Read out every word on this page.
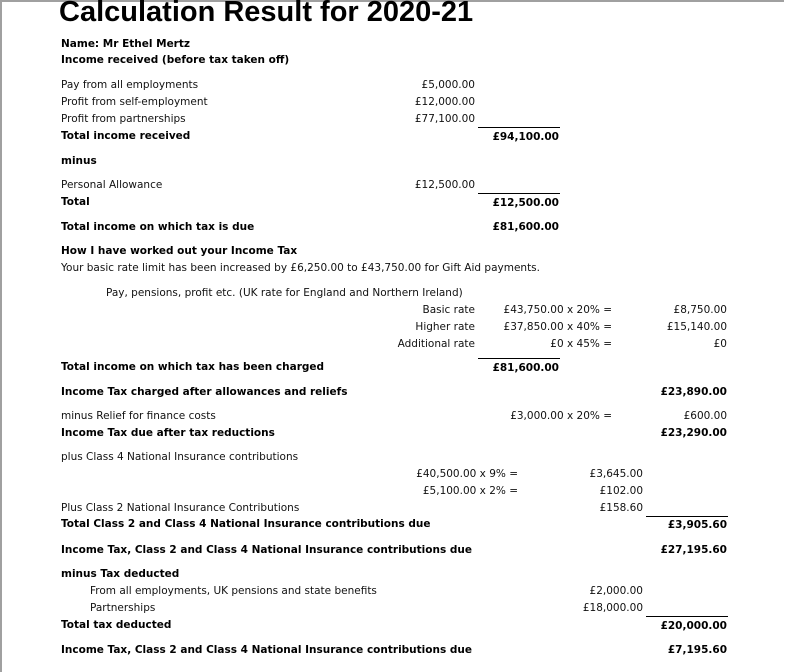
Calculation Result for 2020-21
Name: Mr Ethel Mertz
Income received (before tax taken off)
Pay from all employments	£5,000.00
Profit from self-employment	£12,000.00
Profit from partnerships	£77,100.00
Total income received	£94,100.00
minus
Personal Allowance	£12,500.00
Total	£12,500.00
Total income on which tax is due	£81,600.00
How I have worked out your Income Tax
Your basic rate limit has been increased by £6,250.00 to £43,750.00 for Gift Aid payments.
Pay, pensions, profit etc. (UK rate for England and Northern Ireland)
Basic rate	£43,750.00 x 20% =	£8,750.00
Higher rate	£37,850.00 x 40% =	£15,140.00
Additional rate	£0 x 45% =	£0
Total income on which tax has been charged	£81,600.00
Income Tax charged after allowances and reliefs	£23,890.00
minus Relief for finance costs	£3,000.00 x 20% =	£600.00
Income Tax due after tax reductions	£23,290.00
plus Class 4 National Insurance contributions
£40,500.00 x 9% =	£3,645.00
£5,100.00 x 2% =	£102.00
Plus Class 2 National Insurance Contributions	£158.60
Total Class 2 and Class 4 National Insurance contributions due	£3,905.60
Income Tax, Class 2 and Class 4 National Insurance contributions due	£27,195.60
minus Tax deducted
From all employments, UK pensions and state benefits	£2,000.00
Partnerships	£18,000.00
Total tax deducted	£20,000.00
Income Tax, Class 2 and Class 4 National Insurance contributions due	£7,195.60
